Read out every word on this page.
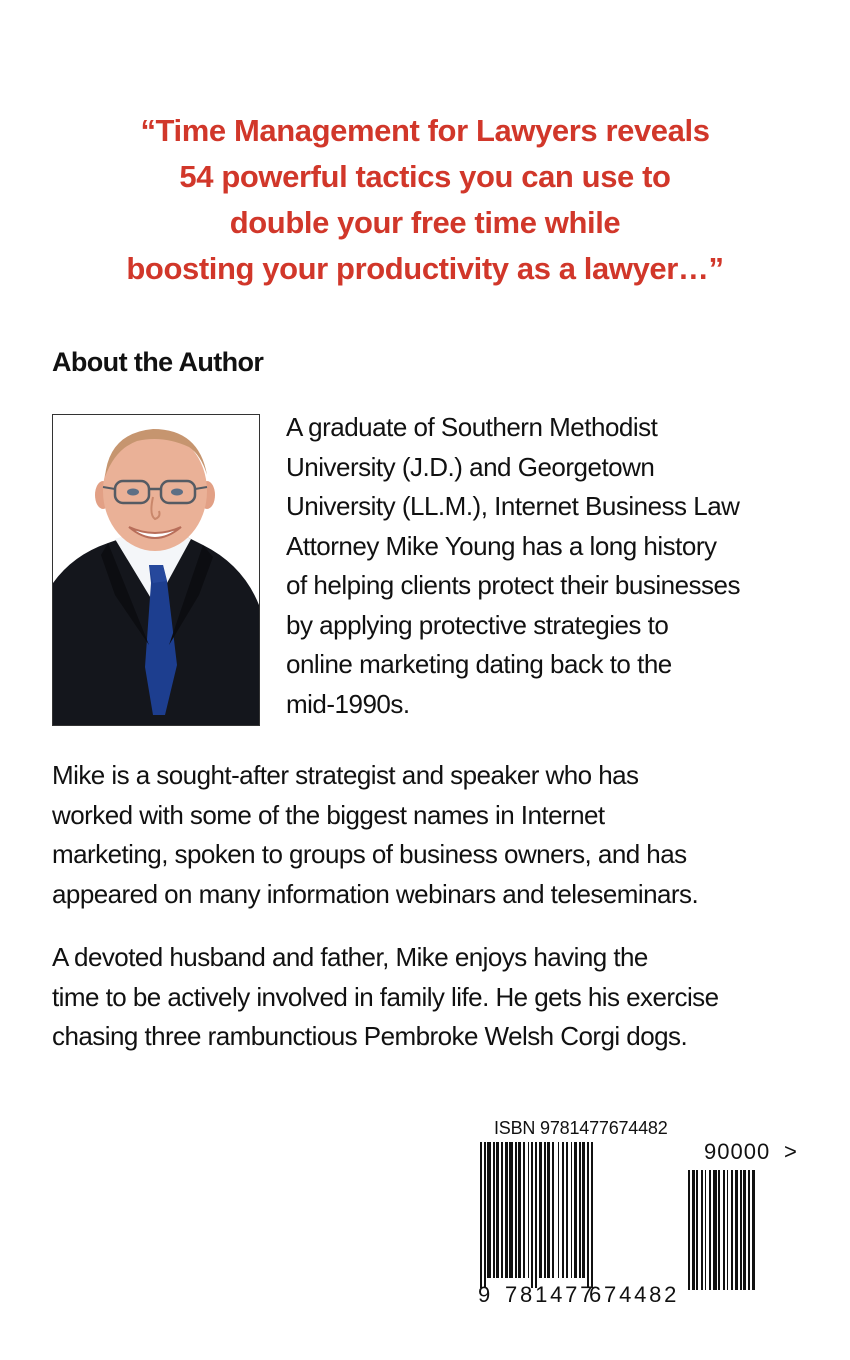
“Time Management for Lawyers reveals
54 powerful tactics you can use to
double your free time while
boosting your productivity as a lawyer…”
About the Author
A graduate of Southern Methodist
University (J.D.) and Georgetown
University (LL.M.), Internet Business Law
Attorney Mike Young has a long history
of helping clients protect their businesses
by applying protective strategies to
online marketing dating back to the
mid-1990s.
Mike is a sought-after strategist and speaker who has
worked with some of the biggest names in Internet
marketing, spoken to groups of business owners, and has
appeared on many information webinars and teleseminars.
A devoted husband and father, Mike enjoys having the
time to be actively involved in family life. He gets his exercise
chasing three rambunctious Pembroke Welsh Corgi dogs.
ISBN 9781477674482
9 781477
674482
90000 >
